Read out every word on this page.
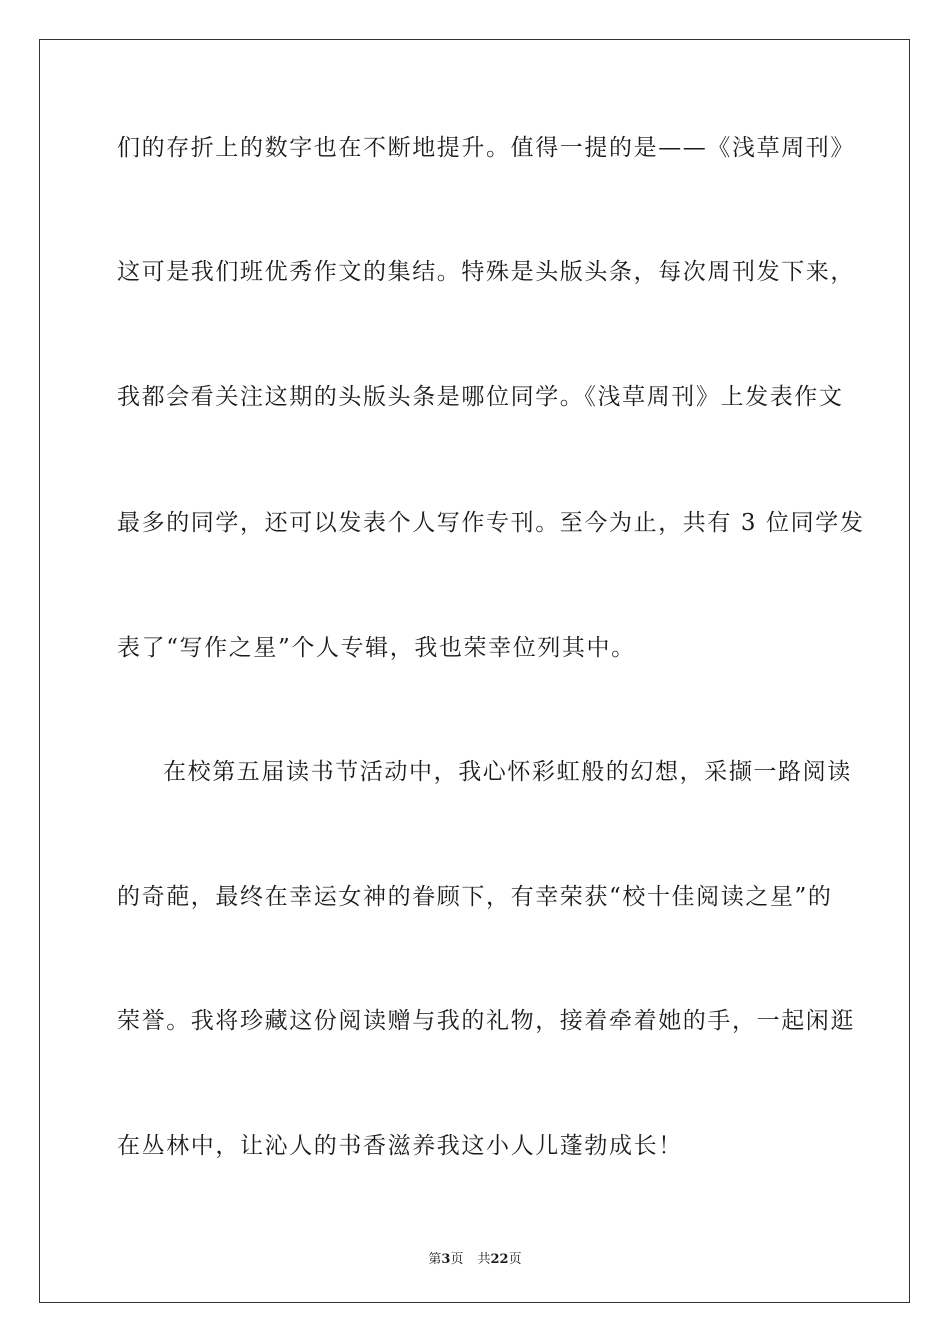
们的存折上的数字也在不断地提升。值得一提的是——《浅草周刊》

这可是我们班优秀作文的集结。特殊是头版头条，每次周刊发下来，

我都会看关注这期的头版头条是哪位同学。《浅草周刊》上发表作文

最多的同学，还可以发表个人写作专刊。至今为止，共有 3 位同学发

表了“写作之星”个人专辑，我也荣幸位列其中。

在校第五届读书节活动中，我心怀彩虹般的幻想，采撷一路阅读

的奇葩，最终在幸运女神的眷顾下，有幸荣获“校十佳阅读之星”的

荣誉。我将珍藏这份阅读赠与我的礼物，接着牵着她的手，一起闲逛

在丛林中，让沁人的书香滋养我这小人儿蓬勃成长！

第3页 共22页
